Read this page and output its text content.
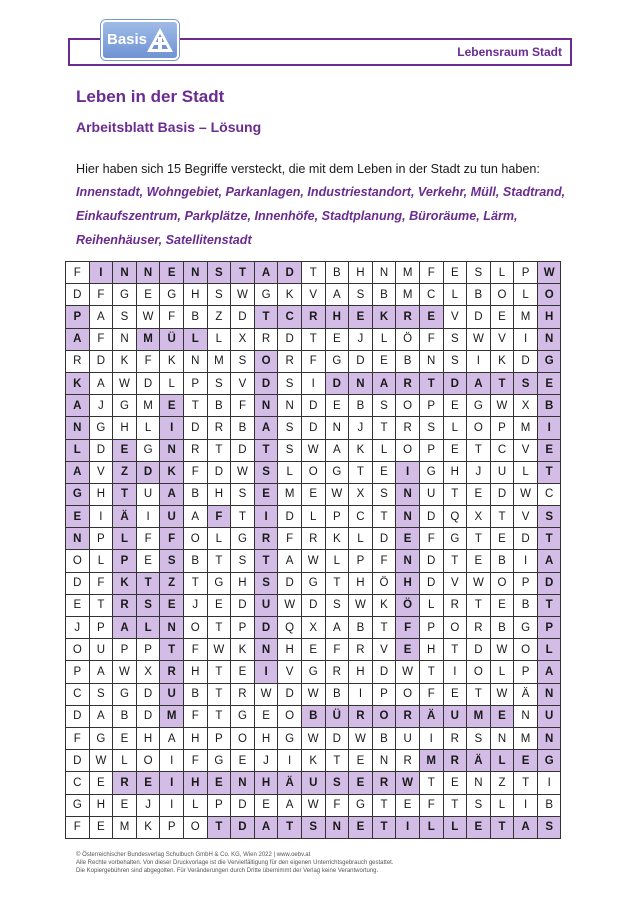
Basis
Lebensraum Stadt
Leben in der Stadt
Arbeitsblatt Basis – Lösung
Hier haben sich 15 Begriffe versteckt, die mit dem Leben in der Stadt zu tun haben:
Innenstadt, Wohngebiet, Parkanlagen, Industriestandort, Verkehr, Müll, Stadtrand, Einkaufszentrum, Parkplätze, Innenhöfe, Stadtplanung, Büroräume, Lärm, Reihenhäuser, Satellitenstadt
F	I	N	N	E	N	S	T	A	D	T	B	H	N	M	F	E	S	L	P	W
D	F	G	E	G	H	S	W	G	K	V	A	S	B	M	C	L	B	O	L	O
P	A	S	W	F	B	Z	D	T	C	R	H	E	K	R	E	V	D	E	M	H
A	F	N	M	Ü	L	L	X	R	D	T	E	J	L	Ö	F	S	W	V	I	N
R	D	K	F	K	N	M	S	O	R	F	G	D	E	B	N	S	I	K	D	G
K	A	W	D	L	P	S	V	D	S	I	D	N	A	R	T	D	A	T	S	E
A	J	G	M	E	T	B	F	N	N	D	E	B	S	O	P	E	G	W	X	B
N	G	H	L	I	D	R	B	A	S	D	N	J	T	R	S	L	O	P	M	I
L	D	E	G	N	R	T	D	T	S	W	A	K	L	O	P	E	T	C	V	E
A	V	Z	D	K	F	D	W	S	L	O	G	T	E	I	G	H	J	U	L	T
G	H	T	U	A	B	H	S	E	M	E	W	X	S	N	U	T	E	D	W	C
E	I	Ä	I	U	A	F	T	I	D	L	P	C	T	N	D	Q	X	T	V	S
N	P	L	F	F	O	L	G	R	F	R	K	L	D	E	F	G	T	E	D	T
O	L	P	E	S	B	T	S	T	A	W	L	P	F	N	D	T	E	B	I	A
D	F	K	T	Z	T	G	H	S	D	G	T	H	Ö	H	D	V	W	O	P	D
E	T	R	S	E	J	E	D	U	W	D	S	W	K	Ö	L	R	T	E	B	T
J	P	A	L	N	O	T	P	D	Q	X	A	B	T	F	P	O	R	B	G	P
O	U	P	P	T	F	W	K	N	H	E	F	R	V	E	H	T	D	W	O	L
P	A	W	X	R	H	T	E	I	V	G	R	H	D	W	T	I	O	L	P	A
C	S	G	D	U	B	T	R	W	D	W	B	I	P	O	F	E	T	W	Ä	N
D	A	B	D	M	F	T	G	E	O	B	Ü	R	O	R	Ä	U	M	E	N	U
F	G	E	H	A	H	P	O	H	G	W	D	W	B	U	I	R	S	N	M	N
D	W	L	O	I	F	G	E	J	I	K	T	E	N	R	M	R	Ä	L	E	G
C	E	R	E	I	H	E	N	H	Ä	U	S	E	R	W	T	E	N	Z	T	I
G	H	E	J	I	L	P	D	E	A	W	F	G	T	E	F	T	S	L	I	B
F	E	M	K	P	O	T	D	A	T	S	N	E	T	I	L	L	E	T	A	S
© Österreichischer Bundesverlag Schulbuch GmbH & Co. KG, Wien 2022 | www.oebv.at
Alle Rechte vorbehalten. Von dieser Druckvorlage ist die Vervielfältigung für den eigenen Unterrichtsgebrauch gestattet.
Die Kopiergebühren sind abgegolten. Für Veränderungen durch Dritte übernimmt der Verlag keine Verantwortung.
